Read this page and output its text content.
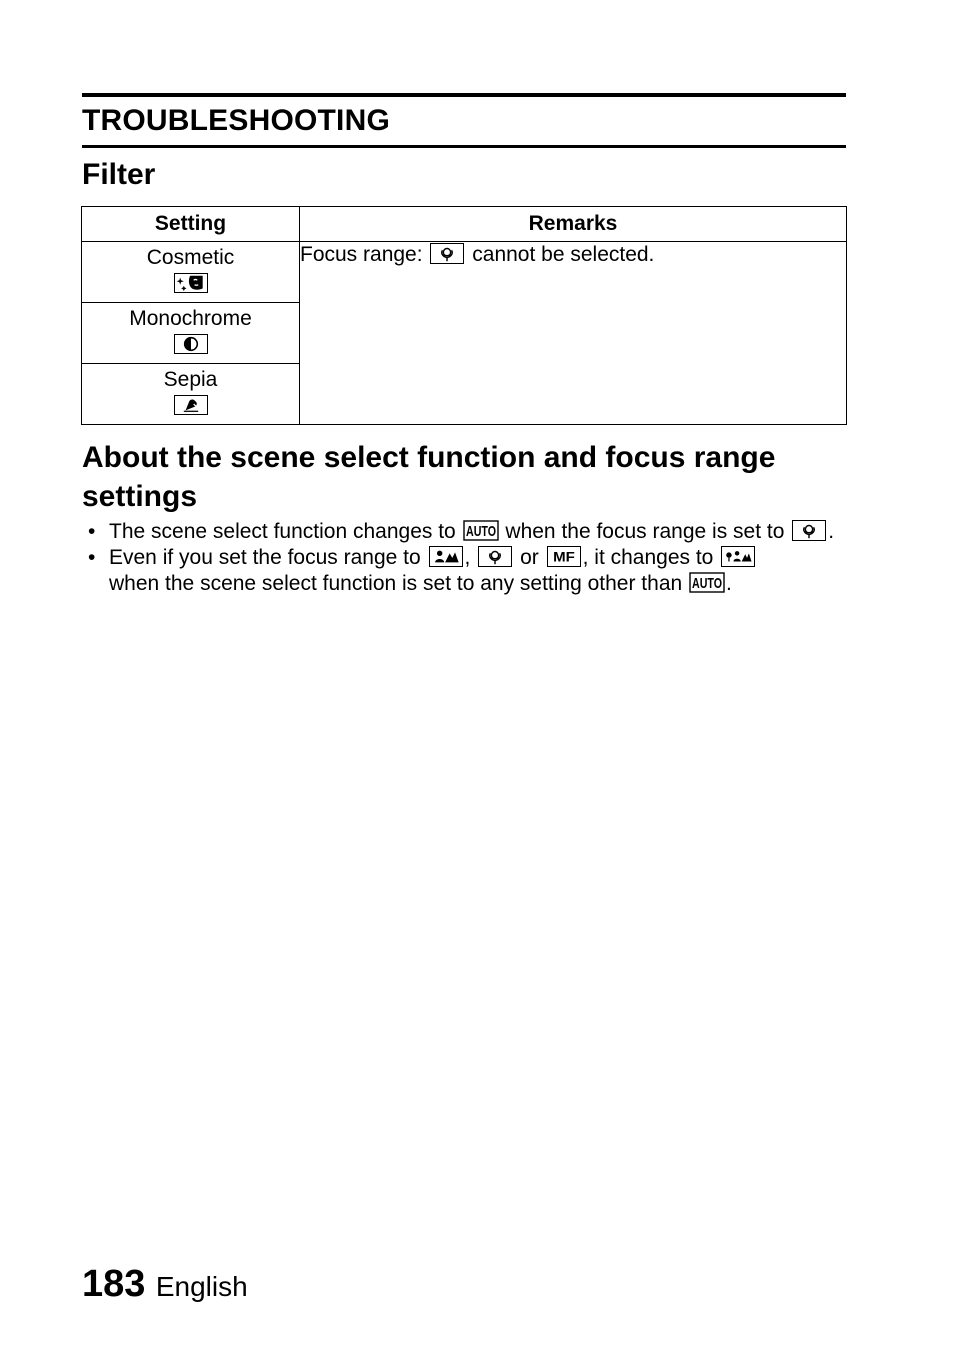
TROUBLESHOOTING
Filter
Setting	Remarks

Cosmetic	Focus range: cannot be selected.

Monochrome	

Sepia	
About the scene select function and focus range settings
• The scene select function changes to AUTO when the focus range is set to .
• Even if you set the focus range to , or MF , it changes to

when the scene select function is set to any setting other than AUTO .
183 English
